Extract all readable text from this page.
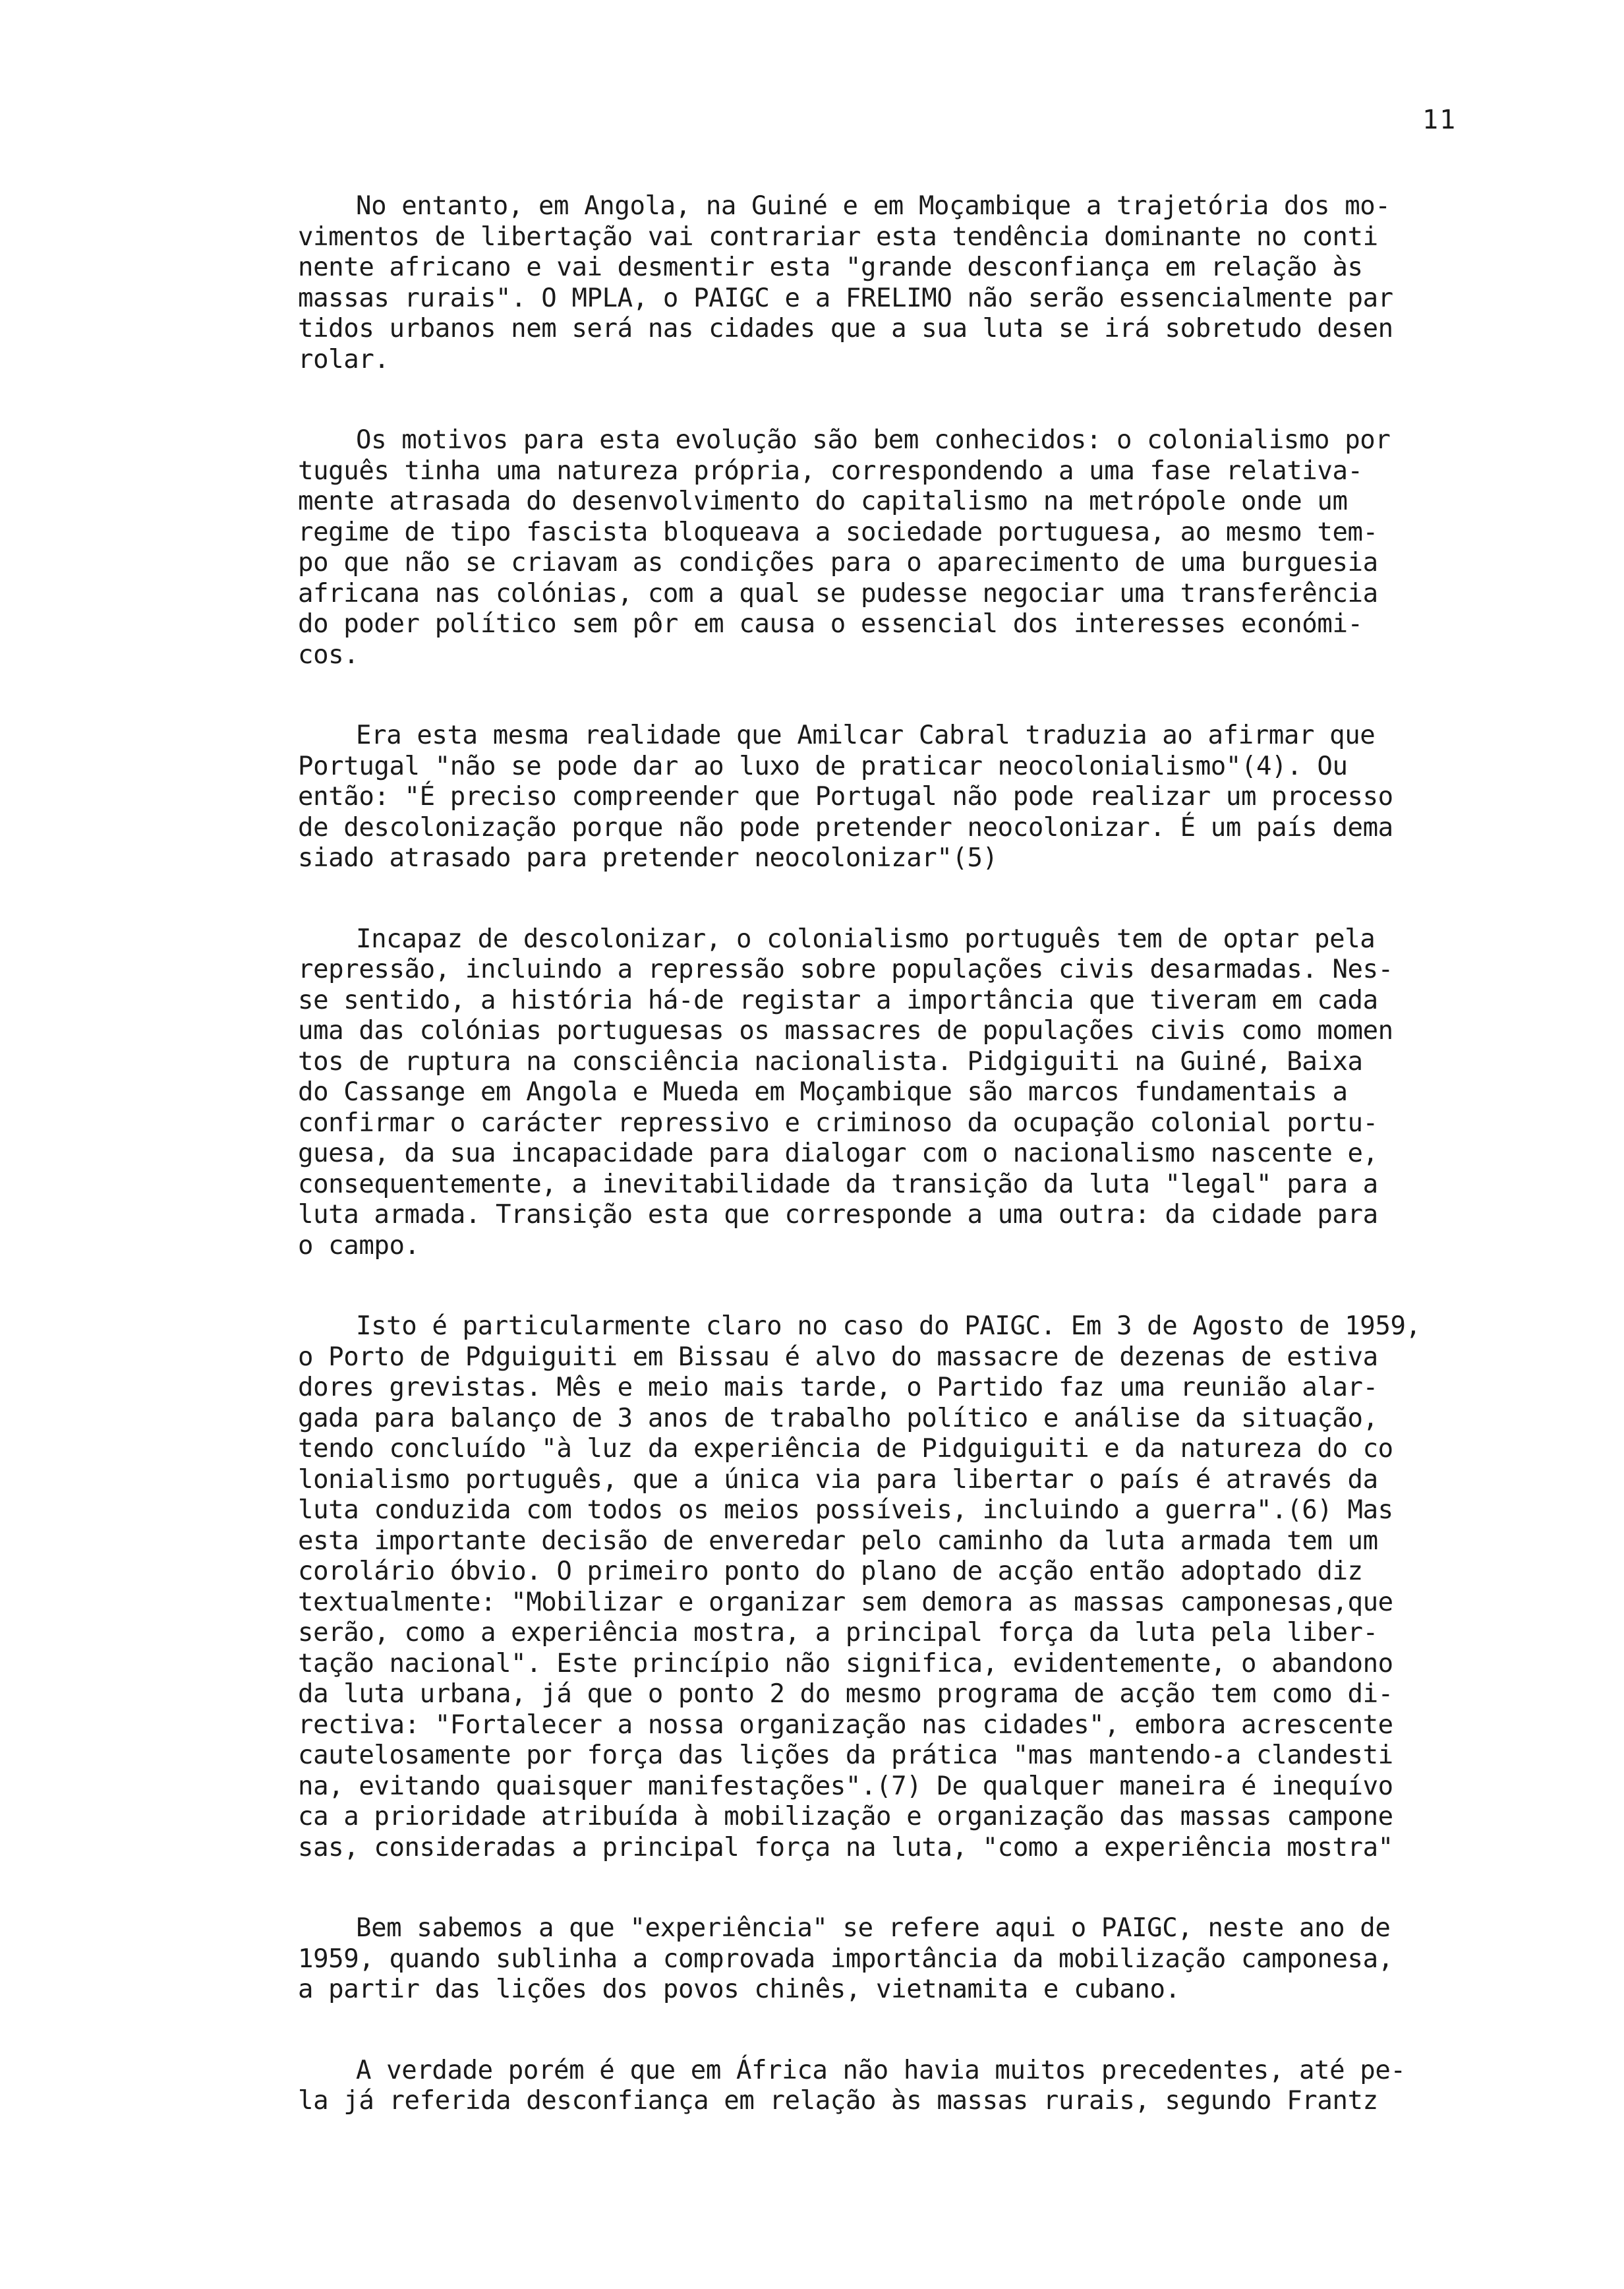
11
No entanto, em Angola, na Guiné e em Moçambique a trajetória dos mo-
vimentos de libertação vai contrariar esta tendência dominante no conti
nente africano e vai desmentir esta "grande desconfiança em relação às
massas rurais". O MPLA, o PAIGC e a FRELIMO não serão essencialmente par
tidos urbanos nem será nas cidades que a sua luta se irá sobretudo desen
rolar.
Os motivos para esta evolução são bem conhecidos: o colonialismo por
tuguês tinha uma natureza própria, correspondendo a uma fase relativa-
mente atrasada do desenvolvimento do capitalismo na metrópole onde um
regime de tipo fascista bloqueava a sociedade portuguesa, ao mesmo tem-
po que não se criavam as condições para o aparecimento de uma burguesia
africana nas colónias, com a qual se pudesse negociar uma transferência
do poder político sem pôr em causa o essencial dos interesses económi-
cos.
Era esta mesma realidade que Amilcar Cabral traduzia ao afirmar que
Portugal "não se pode dar ao luxo de praticar neocolonialismo"(4). Ou
então: "É preciso compreender que Portugal não pode realizar um processo
de descolonização porque não pode pretender neocolonizar. É um país dema
siado atrasado para pretender neocolonizar"(5)
Incapaz de descolonizar, o colonialismo português tem de optar pela
repressão, incluindo a repressão sobre populações civis desarmadas. Nes-
se sentido, a história há-de registar a importância que tiveram em cada
uma das colónias portuguesas os massacres de populações civis como momen
tos de ruptura na consciência nacionalista. Pidgiguiti na Guiné, Baixa
do Cassange em Angola e Mueda em Moçambique são marcos fundamentais a
confirmar o carácter repressivo e criminoso da ocupação colonial portu-
guesa, da sua incapacidade para dialogar com o nacionalismo nascente e,
consequentemente, a inevitabilidade da transição da luta "legal" para a
luta armada. Transição esta que corresponde a uma outra: da cidade para
o campo.
Isto é particularmente claro no caso do PAIGC. Em 3 de Agosto de 1959,
o Porto de Pdguiguiti em Bissau é alvo do massacre de dezenas de estiva
dores grevistas. Mês e meio mais tarde, o Partido faz uma reunião alar-
gada para balanço de 3 anos de trabalho político e análise da situação,
tendo concluído "à luz da experiência de Pidguiguiti e da natureza do co
lonialismo português, que a única via para libertar o país é através da
luta conduzida com todos os meios possíveis, incluindo a guerra".(6) Mas
esta importante decisão de enveredar pelo caminho da luta armada tem um
corolário óbvio. O primeiro ponto do plano de acção então adoptado diz
textualmente: "Mobilizar e organizar sem demora as massas camponesas,que
serão, como a experiência mostra, a principal força da luta pela liber-
tação nacional". Este princípio não significa, evidentemente, o abandono
da luta urbana, já que o ponto 2 do mesmo programa de acção tem como di-
rectiva: "Fortalecer a nossa organização nas cidades", embora acrescente
cautelosamente por força das lições da prática "mas mantendo-a clandesti
na, evitando quaisquer manifestações".(7) De qualquer maneira é inequívo
ca a prioridade atribuída à mobilização e organização das massas campone
sas, consideradas a principal força na luta, "como a experiência mostra"
Bem sabemos a que "experiência" se refere aqui o PAIGC, neste ano de
1959, quando sublinha a comprovada importância da mobilização camponesa,
a partir das lições dos povos chinês, vietnamita e cubano.
A verdade porém é que em África não havia muitos precedentes, até pe-
la já referida desconfiança em relação às massas rurais, segundo Frantz
